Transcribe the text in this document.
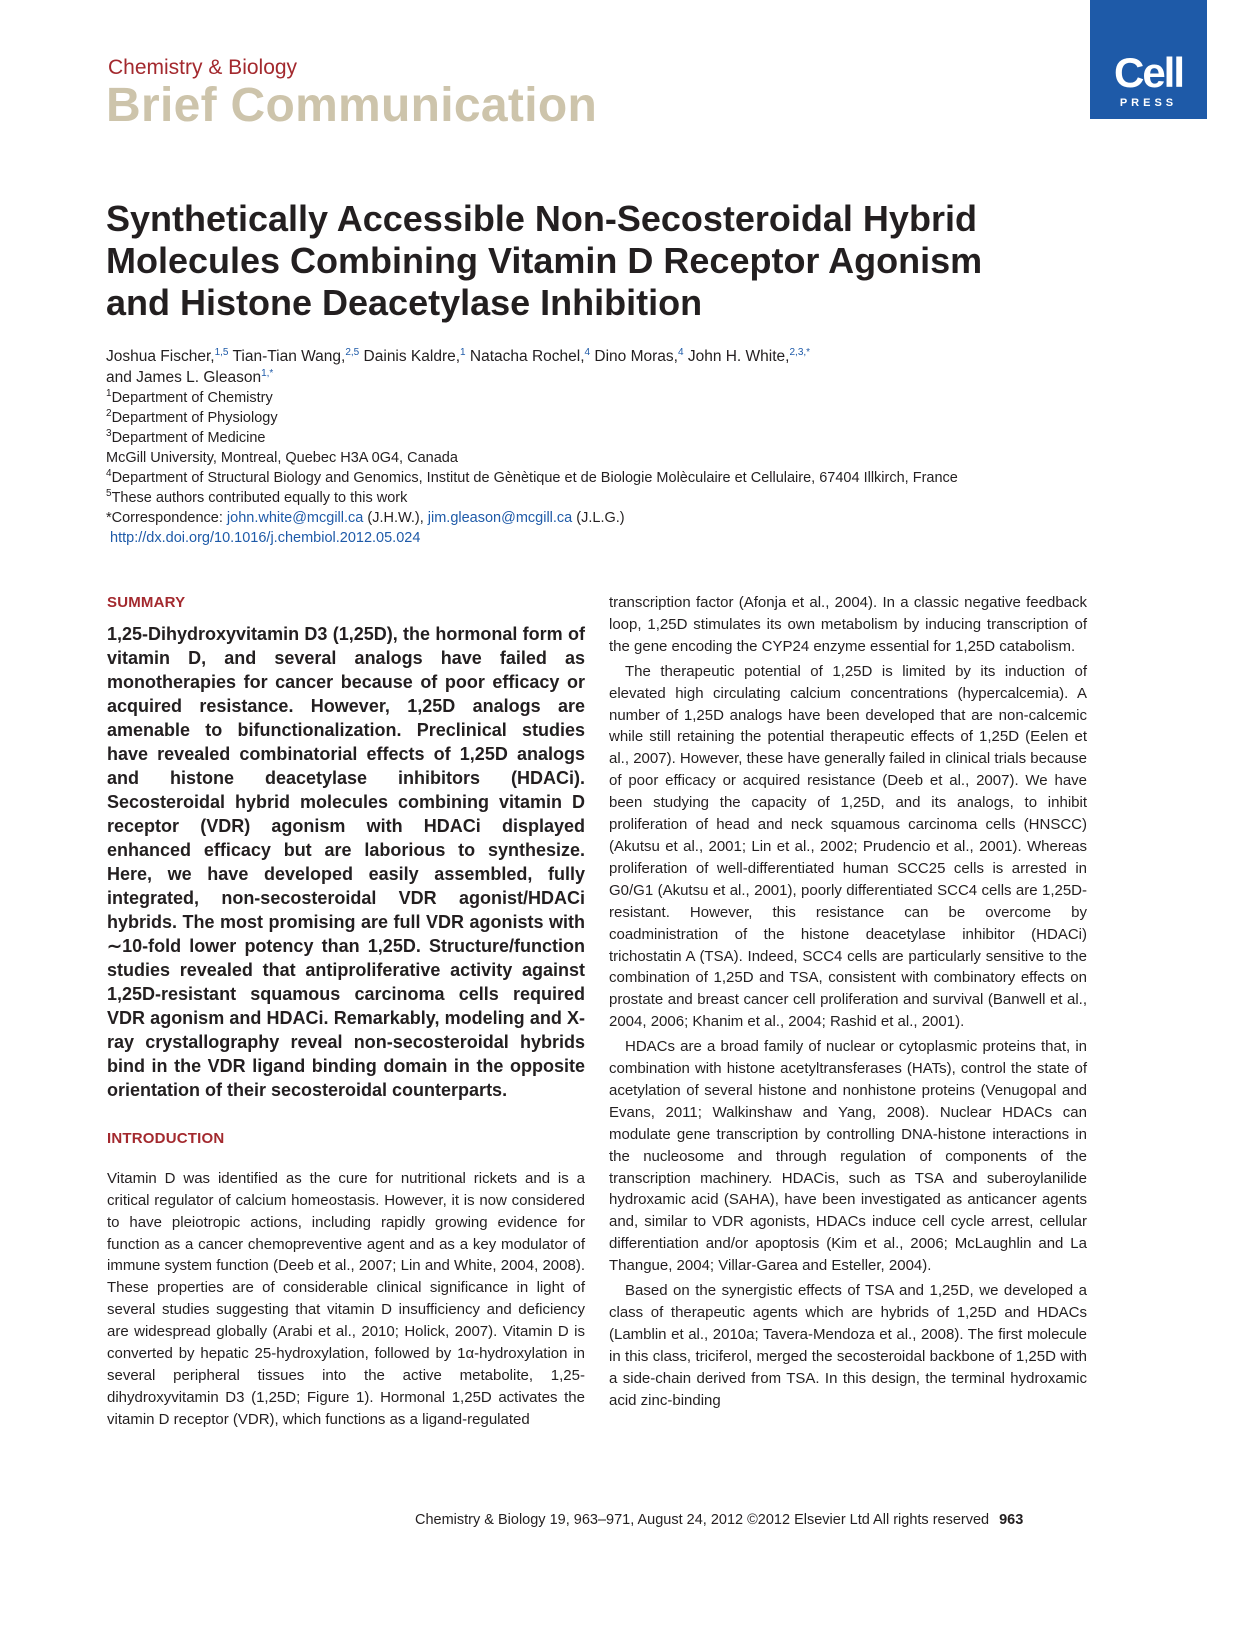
Chemistry & Biology
Brief Communication
Cell
PRESS
Synthetically Accessible Non-Secosteroidal Hybrid
Molecules Combining Vitamin D Receptor Agonism
and Histone Deacetylase Inhibition
Joshua Fischer,$^{1,5}$ Tian-Tian Wang,$^{2,5}$ Dainis Kaldre,$^1$ Natacha Rochel,$^4$ Dino Moras,$^4$ John H. White,$^{2,3,*}$
and James L. Gleason$^{1,*}$
$^1$Department of Chemistry
$^2$Department of Physiology
$^3$Department of Medicine
McGill University, Montreal, Quebec H3A 0G4, Canada
$^4$Department of Structural Biology and Genomics, Institut de Gènètique et de Biologie Molèculaire et Cellulaire, 67404 Illkirch, France
$^5$These authors contributed equally to this work
*Correspondence: john.white@mcgill.ca (J.H.W.), jim.gleason@mcgill.ca (J.L.G.)
http://dx.doi.org/10.1016/j.chembiol.2012.05.024
SUMMARY

1,25-Dihydroxyvitamin D3 (1,25D), the hormonal form of vitamin D, and several analogs have failed as monotherapies for cancer because of poor efficacy or acquired resistance. However, 1,25D analogs are amenable to bifunctionalization. Preclinical studies have revealed combinatorial effects of 1,25D analogs and histone deacetylase inhibitors (HDACi). Secosteroidal hybrid molecules combining vitamin D receptor (VDR) agonism with HDACi displayed enhanced efficacy but are laborious to synthesize. Here, we have developed easily assembled, fully integrated, non-secosteroidal VDR agonist/HDACi hybrids. The most promising are full VDR agonists with ∼10-fold lower potency than 1,25D. Structure/function studies revealed that antiproliferative activity against 1,25D-resistant squamous carcinoma cells required VDR agonism and HDACi. Remarkably, modeling and X-ray crystallography reveal non-secosteroidal hybrids bind in the VDR ligand binding domain in the opposite orientation of their secosteroidal counterparts.

INTRODUCTION

Vitamin D was identified as the cure for nutritional rickets and is a critical regulator of calcium homeostasis. However, it is now considered to have pleiotropic actions, including rapidly growing evidence for function as a cancer chemopreventive agent and as a key modulator of immune system function (Deeb et al., 2007; Lin and White, 2004, 2008). These properties are of considerable clinical significance in light of several studies suggesting that vitamin D insufficiency and deficiency are widespread globally (Arabi et al., 2010; Holick, 2007). Vitamin D is converted by hepatic 25-hydroxylation, followed by 1α-hydroxylation in several peripheral tissues into the active metabolite, 1,25-dihydroxyvitamin D3 (1,25D; Figure 1). Hormonal 1,25D activates the vitamin D receptor (VDR), which functions as a ligand-regulated

transcription factor (Afonja et al., 2004). In a classic negative feedback loop, 1,25D stimulates its own metabolism by inducing transcription of the gene encoding the CYP24 enzyme essential for 1,25D catabolism.

The therapeutic potential of 1,25D is limited by its induction of elevated high circulating calcium concentrations (hypercalcemia). A number of 1,25D analogs have been developed that are non-calcemic while still retaining the potential therapeutic effects of 1,25D (Eelen et al., 2007). However, these have generally failed in clinical trials because of poor efficacy or acquired resistance (Deeb et al., 2007). We have been studying the capacity of 1,25D, and its analogs, to inhibit proliferation of head and neck squamous carcinoma cells (HNSCC) (Akutsu et al., 2001; Lin et al., 2002; Prudencio et al., 2001). Whereas proliferation of well-differentiated human SCC25 cells is arrested in G0/G1 (Akutsu et al., 2001), poorly differentiated SCC4 cells are 1,25D-resistant. However, this resistance can be overcome by coadministration of the histone deacetylase inhibitor (HDACi) trichostatin A (TSA). Indeed, SCC4 cells are particularly sensitive to the combination of 1,25D and TSA, consistent with combinatory effects on prostate and breast cancer cell proliferation and survival (Banwell et al., 2004, 2006; Khanim et al., 2004; Rashid et al., 2001).

HDACs are a broad family of nuclear or cytoplasmic proteins that, in combination with histone acetyltransferases (HATs), control the state of acetylation of several histone and nonhistone proteins (Venugopal and Evans, 2011; Walkinshaw and Yang, 2008). Nuclear HDACs can modulate gene transcription by controlling DNA-histone interactions in the nucleosome and through regulation of components of the transcription machinery. HDACis, such as TSA and suberoylanilide hydroxamic acid (SAHA), have been investigated as anticancer agents and, similar to VDR agonists, HDACs induce cell cycle arrest, cellular differentiation and/or apoptosis (Kim et al., 2006; McLaughlin and La Thangue, 2004; Villar-Garea and Esteller, 2004).

Based on the synergistic effects of TSA and 1,25D, we developed a class of therapeutic agents which are hybrids of 1,25D and HDACs (Lamblin et al., 2010a; Tavera-Mendoza et al., 2008). The first molecule in this class, triciferol, merged the secosteroidal backbone of 1,25D with a side-chain derived from TSA. In this design, the terminal hydroxamic acid zinc-binding

Chemistry & Biology 19, 963–971, August 24, 2012 ©2012 Elsevier Ltd All rights reserved 963
